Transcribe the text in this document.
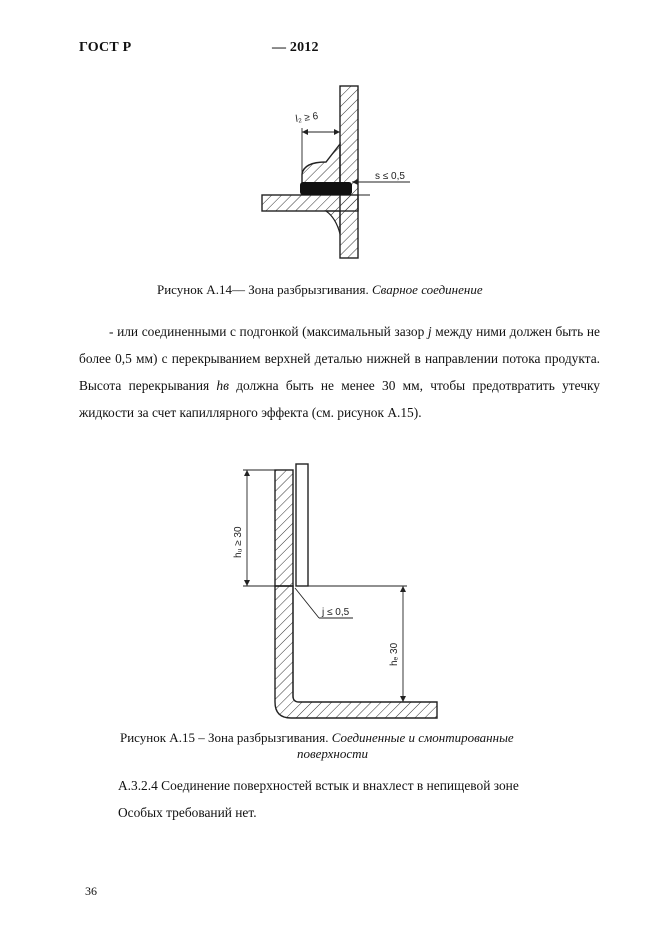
ГОСТ Р	— 2012
l₂ ≥ 6
s ≤ 0,5
Рисунок А.14–– Зона разбрызгивания. Сварное соединение
- или соединенными с подгонкой (максимальный зазор j между ними должен быть не более 0,5 мм) с перекрыванием верхней деталью нижней в направлении потока продукта. Высота перекрывания hв должна быть не менее 30 мм, чтобы предотвратить утечку жидкости за счет капиллярного эффекта (см. рисунок А.15).
hᵤ ≥ 30
hₑ 30
j ≤ 0,5
Рисунок А.15 – Зона разбрызгивания. Соединенные и смонтированные
поверхности
А.3.2.4 Соединение поверхностей встык и внахлест в непищевой зоне
Особых требований нет.
36
